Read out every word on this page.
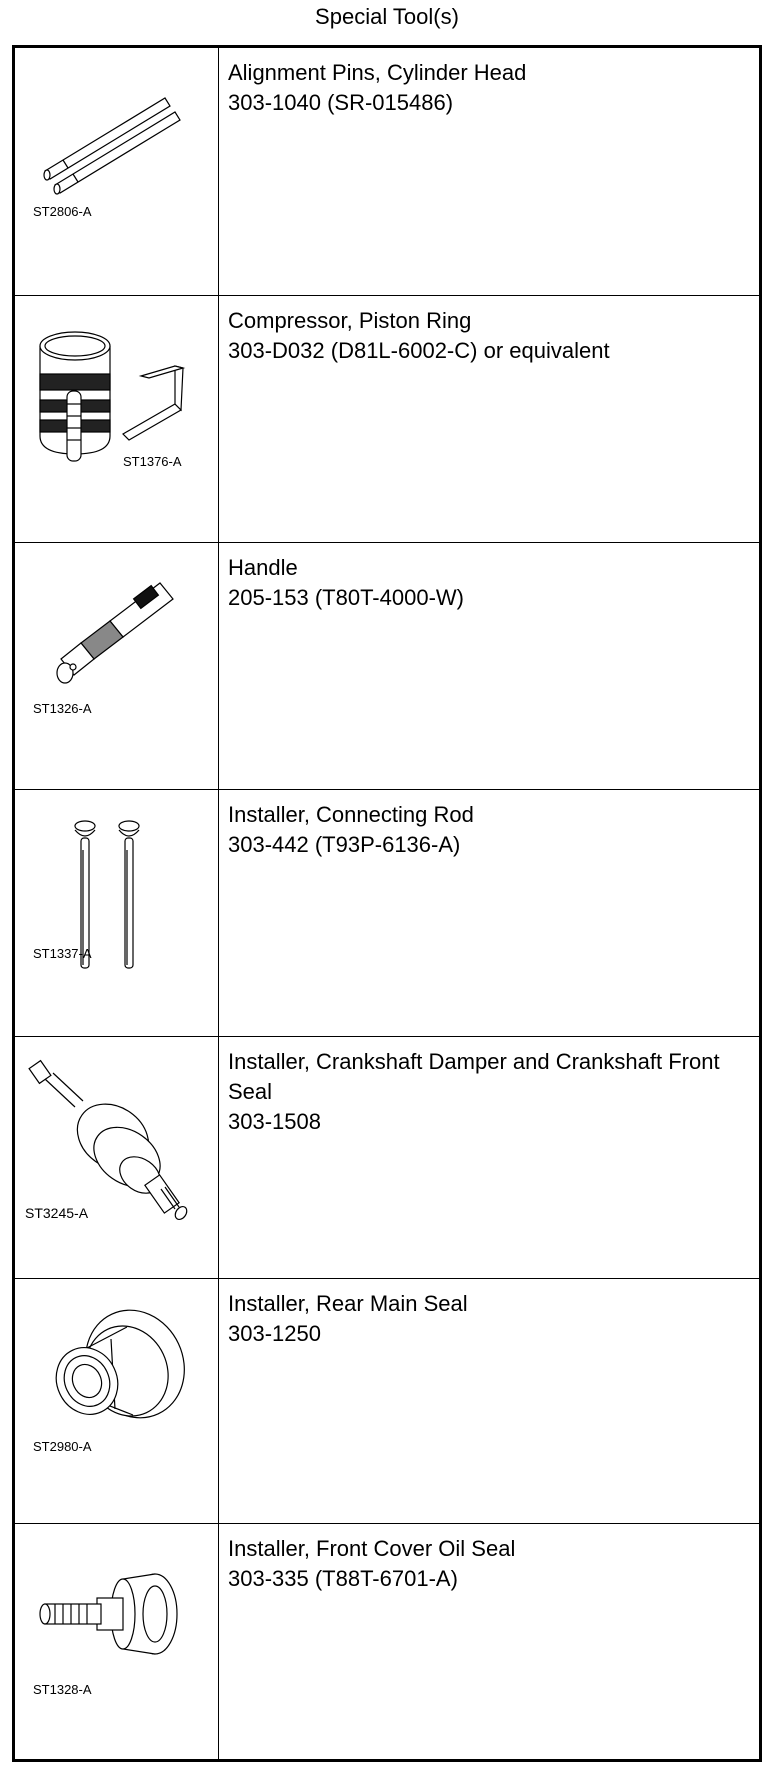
Special Tool(s)
ST2806-A
Alignment Pins, Cylinder Head
303-1040 (SR-015486)
ST1376-A
Compressor, Piston Ring
303-D032 (D81L-6002-C) or equivalent
ST1326-A
Handle
205-153 (T80T-4000-W)
ST1337-A
Installer, Connecting Rod
303-442 (T93P-6136-A)
ST3245-A
Installer, Crankshaft Damper and Crankshaft Front Seal
303-1508
ST2980-A
Installer, Rear Main Seal
303-1250
ST1328-A
Installer, Front Cover Oil Seal
303-335 (T88T-6701-A)
